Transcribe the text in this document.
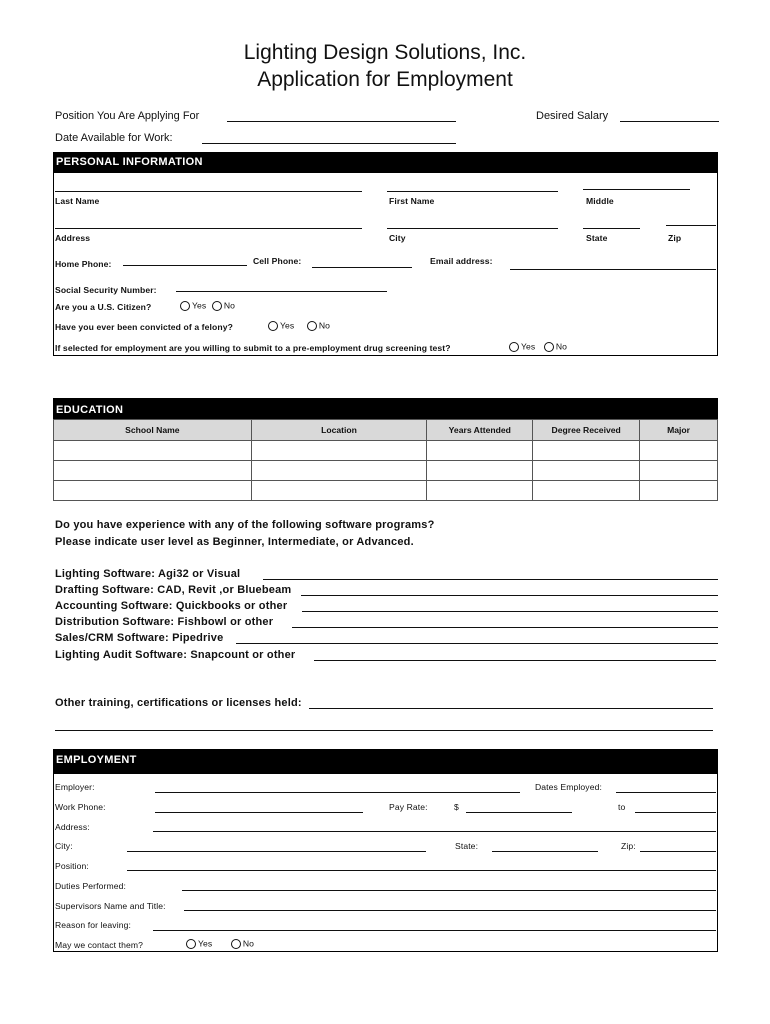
Lighting Design Solutions, Inc.
Application for Employment
Position You Are Applying For	Desired Salary
Date Available for Work:
PERSONAL INFORMATION
Last Name	First Name	Middle
Address	City	State	Zip
Home Phone:	Cell Phone:	Email address:
Social Security Number:
Are you a U.S. Citizen?	Yes No
Have you ever been convicted of a felony?	Yes	No
If selected for employment are you willing to submit to a pre-employment drug screening test?	Yes No
EDUCATION
School Name	Location	Years Attended	Degree Received	Major

Do you have experience with any of the following software programs?
Please indicate user level as Beginner, Intermediate, or Advanced.
Lighting Software: Agi32 or Visual
Drafting Software: CAD, Revit ,or Bluebeam
Accounting Software: Quickbooks or other
Distribution Software: Fishbowl or other
Sales/CRM Software: Pipedrive
Lighting Audit Software: Snapcount or other
Other training, certifications or licenses held:
EMPLOYMENT
Employer:	Dates Employed:
Work Phone:	Pay Rate:	$	to
Address:
City:	State:	Zip:
Position:
Duties Performed:
Supervisors Name and Title:
Reason for leaving:
May we contact them?	Yes	No
